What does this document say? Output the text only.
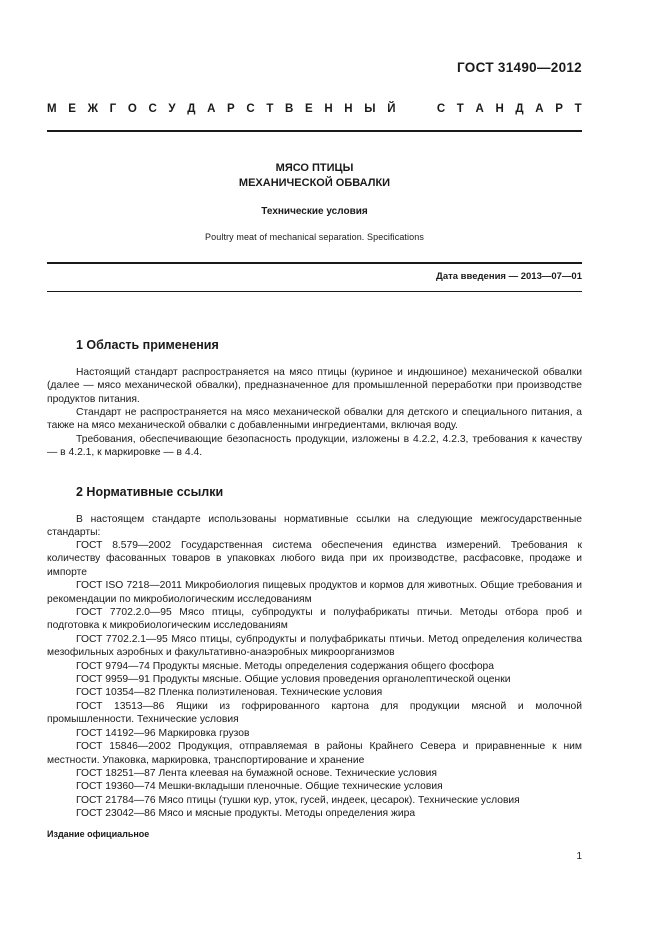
ГОСТ 31490—2012
М Е Ж Г О С У Д А Р С Т В Е Н Н Ы Й

	С Т А Н Д А Р Т
МЯСО ПТИЦЫ
МЕХАНИЧЕСКОЙ ОБВАЛКИ
Технические условия
Poultry meat of mechanical separation. Specifications
Дата введения — 2013—07—01
1 Область применения
Настоящий стандарт распространяется на мясо птицы (куриное и индюшиное) механической обвалки (далее — мясо механической обвалки), предназначенное для промышленной переработки при производстве продуктов питания.
Стандарт не распространяется на мясо механической обвалки для детского и специального питания, а также на мясо механической обвалки с добавленными ингредиентами, включая воду.
Требования, обеспечивающие безопасность продукции, изложены в 4.2.2, 4.2.3, требования к качеству — в 4.2.1, к маркировке — в 4.4.
2 Нормативные ссылки
В настоящем стандарте использованы нормативные ссылки на следующие межгосударственные стандарты:
ГОСТ 8.579—2002 Государственная система обеспечения единства измерений. Требования к количеству фасованных товаров в упаковках любого вида при их производстве, расфасовке, продаже и импорте
ГОСТ ISO 7218—2011 Микробиология пищевых продуктов и кормов для животных. Общие требования и рекомендации по микробиологическим исследованиям
ГОСТ 7702.2.0—95 Мясо птицы, субпродукты и полуфабрикаты птичьи. Методы отбора проб и подготовка к микробиологическим исследованиям
ГОСТ 7702.2.1—95 Мясо птицы, субпродукты и полуфабрикаты птичьи. Метод определения количества мезофильных аэробных и факультативно-анаэробных микроорганизмов
ГОСТ 9794—74 Продукты мясные. Методы определения содержания общего фосфора
ГОСТ 9959—91 Продукты мясные. Общие условия проведения органолептической оценки
ГОСТ 10354—82 Пленка полиэтиленовая. Технические условия
ГОСТ 13513—86 Ящики из гофрированного картона для продукции мясной и молочной промышленности. Технические условия
ГОСТ 14192—96 Маркировка грузов
ГОСТ 15846—2002 Продукция, отправляемая в районы Крайнего Севера и приравненные к ним местности. Упаковка, маркировка, транспортирование и хранение
ГОСТ 18251—87 Лента клеевая на бумажной основе. Технические условия
ГОСТ 19360—74 Мешки-вкладыши пленочные. Общие технические условия
ГОСТ 21784—76 Мясо птицы (тушки кур, уток, гусей, индеек, цесарок). Технические условия
ГОСТ 23042—86 Мясо и мясные продукты. Методы определения жира
Издание официальное
1
